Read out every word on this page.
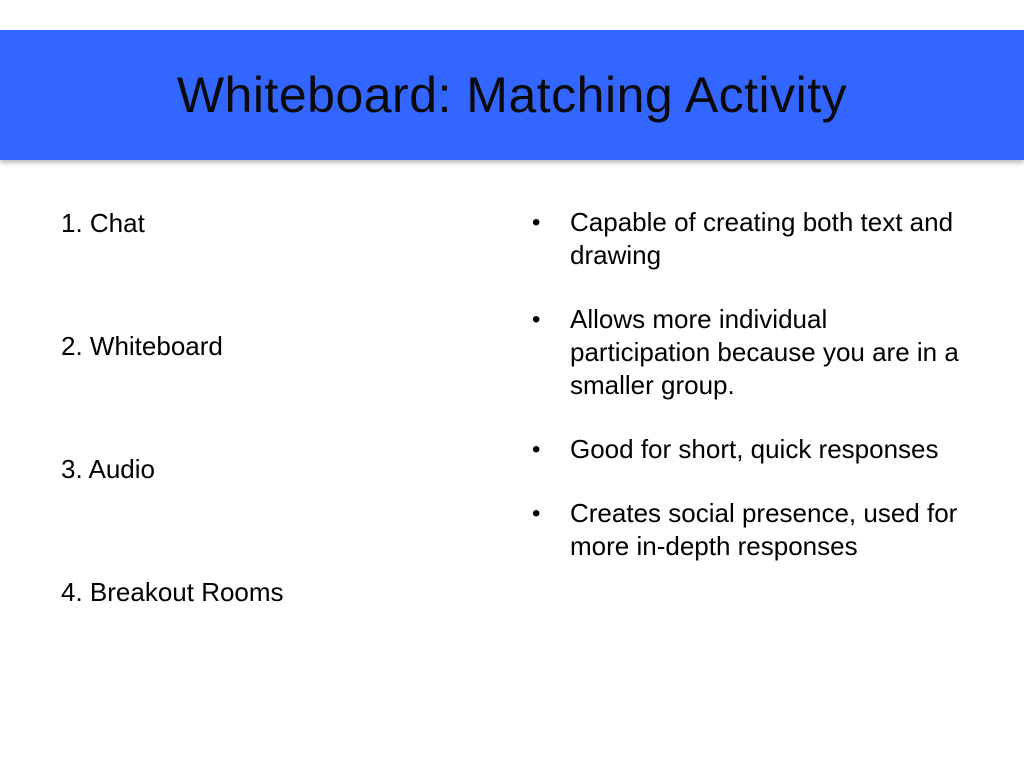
Whiteboard: Matching Activity
1. Chat
2. Whiteboard
3. Audio
4. Breakout Rooms
• Capable of creating both text and drawing
• Allows more individual participation because you are in a smaller group.
• Good for short, quick responses
• Creates social presence, used for more in-depth responses
